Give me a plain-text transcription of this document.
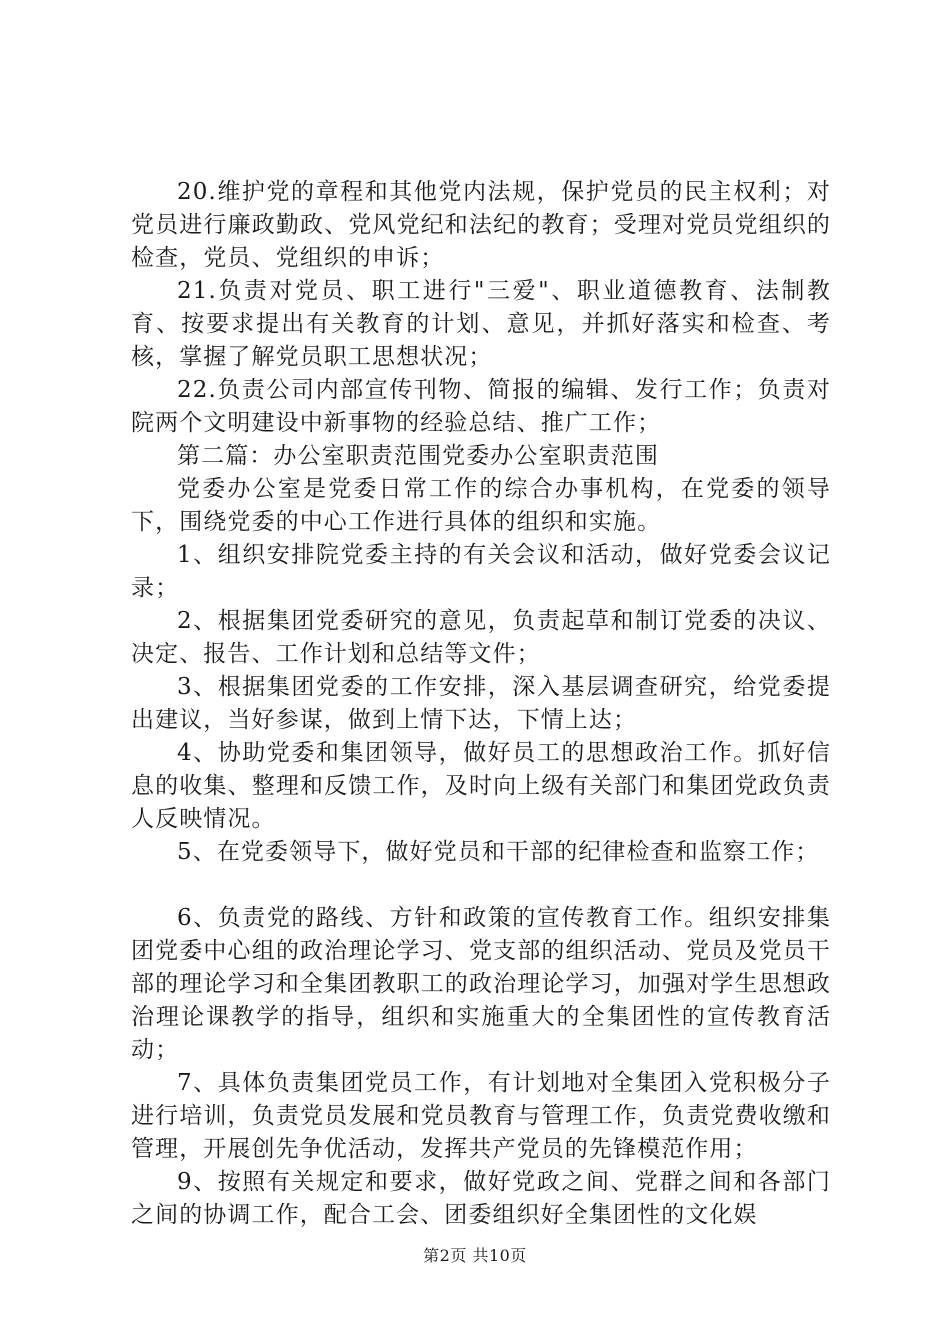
20.维护党的章程和其他党内法规，保护党员的民主权利；对党员进行廉政勤政、党风党纪和法纪的教育；受理对党员党组织的检查，党员、党组织的申诉；

21.负责对党员、职工进行"三爱"、职业道德教育、法制教育、按要求提出有关教育的计划、意见，并抓好落实和检查、考核，掌握了解党员职工思想状况；

22.负责公司内部宣传刊物、简报的编辑、发行工作；负责对院两个文明建设中新事物的经验总结、推广工作；

第二篇：办公室职责范围党委办公室职责范围

党委办公室是党委日常工作的综合办事机构，在党委的领导下，围绕党委的中心工作进行具体的组织和实施。

1、组织安排院党委主持的有关会议和活动，做好党委会议记录；

2、根据集团党委研究的意见，负责起草和制订党委的决议、决定、报告、工作计划和总结等文件；

3、根据集团党委的工作安排，深入基层调查研究，给党委提出建议，当好参谋，做到上情下达，下情上达；

4、协助党委和集团领导，做好员工的思想政治工作。抓好信息的收集、整理和反馈工作，及时向上级有关部门和集团党政负责人反映情况。

5、在党委领导下，做好党员和干部的纪律检查和监察工作；

6、负责党的路线、方针和政策的宣传教育工作。组织安排集团党委中心组的政治理论学习、党支部的组织活动、党员及党员干部的理论学习和全集团教职工的政治理论学习，加强对学生思想政治理论课教学的指导，组织和实施重大的全集团性的宣传教育活动；

7、具体负责集团党员工作，有计划地对全集团入党积极分子进行培训，负责党员发展和党员教育与管理工作，负责党费收缴和管理，开展创先争优活动，发挥共产党员的先锋模范作用；

9、按照有关规定和要求，做好党政之间、党群之间和各部门之间的协调工作，配合工会、团委组织好全集团性的文化娱

第2页 共10页
